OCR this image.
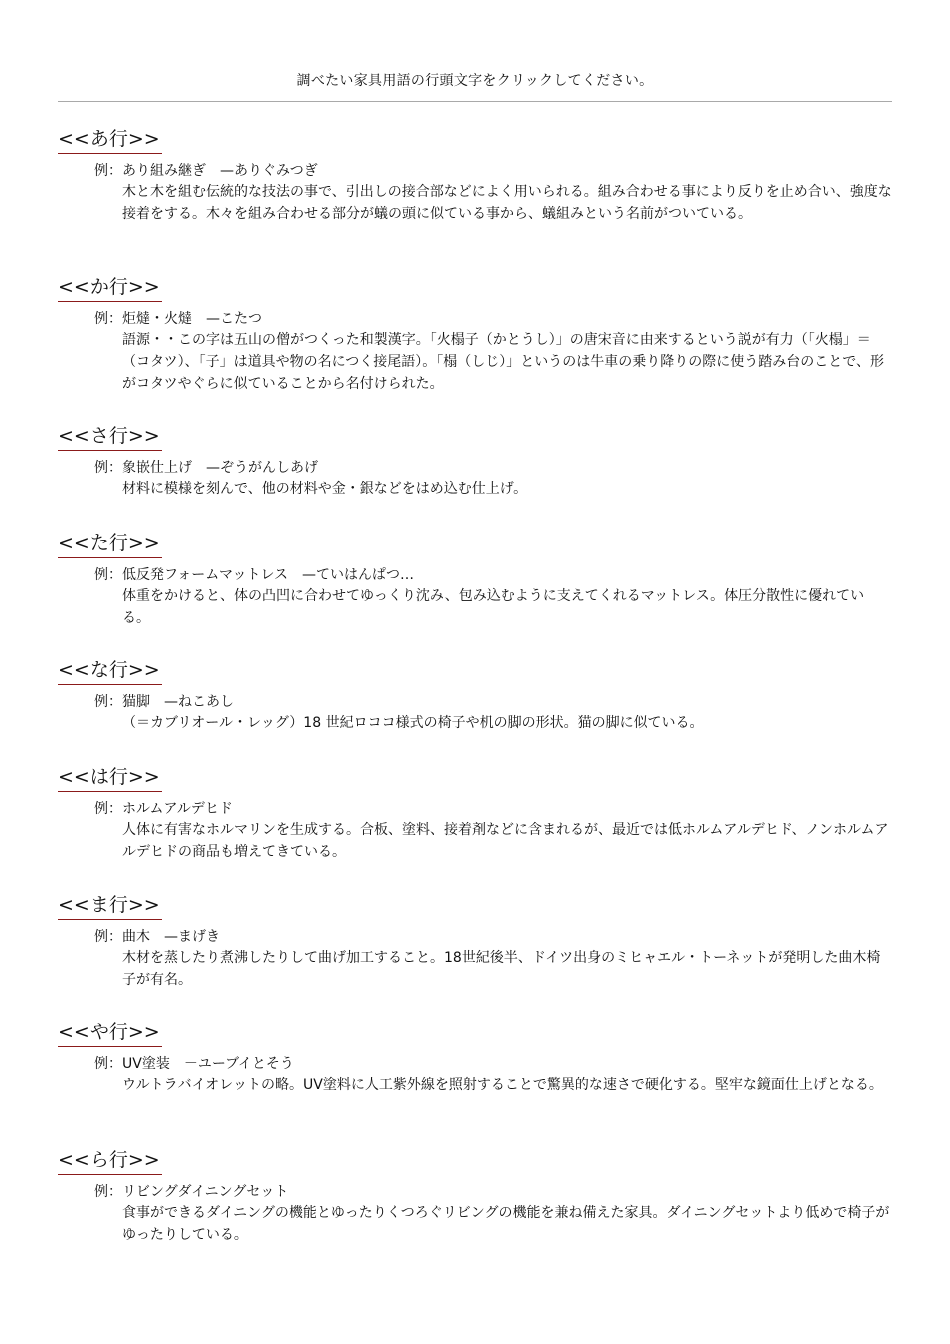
調べたい家具用語の行頭文字をクリックしてください。
<<あ行>>
例： あり組み継ぎ　—ありぐみつぎ
木と木を組む伝統的な技法の事で、引出しの接合部などによく用いられる。組み合わせる事により反りを止め合い、強度な接着をする。木々を組み合わせる部分が蟻の頭に似ている事から、蟻組みという名前がついている。
<<か行>>
例： 炬燵・火燵　—こたつ
語源・・この字は五山の僧がつくった和製漢字。「火榻子（かとうし）」の唐宋音に由来するという説が有力（「火榻」＝（コタツ）、「子」は道具や物の名につく接尾語）。「榻（しじ）」というのは牛車の乗り降りの際に使う踏み台のことで、形がコタツやぐらに似ていることから名付けられた。
<<さ行>>
例： 象嵌仕上げ　—ぞうがんしあげ
材料に模様を刻んで、他の材料や金・銀などをはめ込む仕上げ。
<<た行>>
例： 低反発フォームマットレス　—ていはんぱつ…
体重をかけると、体の凸凹に合わせてゆっくり沈み、包み込むように支えてくれるマットレス。体圧分散性に優れている。
<<な行>>
例： 猫脚　—ねこあし
（＝カブリオール・レッグ）18 世紀ロココ様式の椅子や机の脚の形状。猫の脚に似ている。
<<は行>>
例： ホルムアルデヒド
人体に有害なホルマリンを生成する。合板、塗料、接着剤などに含まれるが、最近では低ホルムアルデヒド、ノンホルムアルデヒドの商品も増えてきている。
<<ま行>>
例： 曲木　—まげき
木材を蒸したり煮沸したりして曲げ加工すること。18世紀後半、ドイツ出身のミヒャエル・トーネットが発明した曲木椅子が有名。
<<や行>>
例： UV塗装　－ユーブイとそう
ウルトラバイオレットの略。UV塗料に人工紫外線を照射することで驚異的な速さで硬化する。堅牢な鏡面仕上げとなる。
<<ら行>>
例： リビングダイニングセット
食事ができるダイニングの機能とゆったりくつろぐリビングの機能を兼ね備えた家具。ダイニングセットより低めで椅子がゆったりしている。
